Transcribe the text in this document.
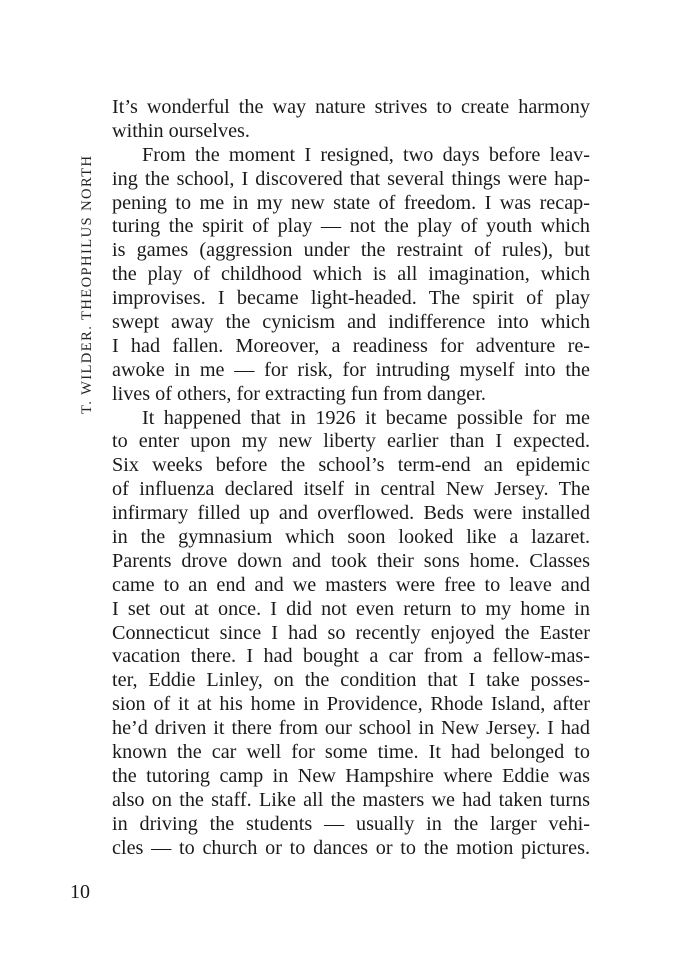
T. WILDER. THEOPHILUS NORTH
It’s wonderful the way nature strives to create harmony
within ourselves.
From the moment I resigned, two days before leav-
ing the school, I discovered that several things were hap-
pening to me in my new state of freedom. I was recap-
turing the spirit of play — not the play of youth which
is games (aggression under the restraint of rules), but
the play of childhood which is all imagination, which
improvises. I became light-headed. The spirit of play
swept away the cynicism and indifference into which
I had fallen. Moreover, a readiness for adventure re-
awoke in me — for risk, for intruding myself into the
lives of others, for extracting fun from danger.
It happened that in 1926 it became possible for me
to enter upon my new liberty earlier than I expected.
Six weeks before the school’s term-end an epidemic
of influenza declared itself in central New Jersey. The
infirmary filled up and overflowed. Beds were installed
in the gymnasium which soon looked like a lazaret.
Parents drove down and took their sons home. Classes
came to an end and we masters were free to leave and
I set out at once. I did not even return to my home in
Connecticut since I had so recently enjoyed the Easter
vacation there. I had bought a car from a fellow-mas-
ter, Eddie Linley, on the condition that I take posses-
sion of it at his home in Providence, Rhode Island, after
he’d driven it there from our school in New Jersey. I had
known the car well for some time. It had belonged to
the tutoring camp in New Hampshire where Eddie was
also on the staff. Like all the masters we had taken turns
in driving the students — usually in the larger vehi-
cles — to church or to dances or to the motion pictures.
10
